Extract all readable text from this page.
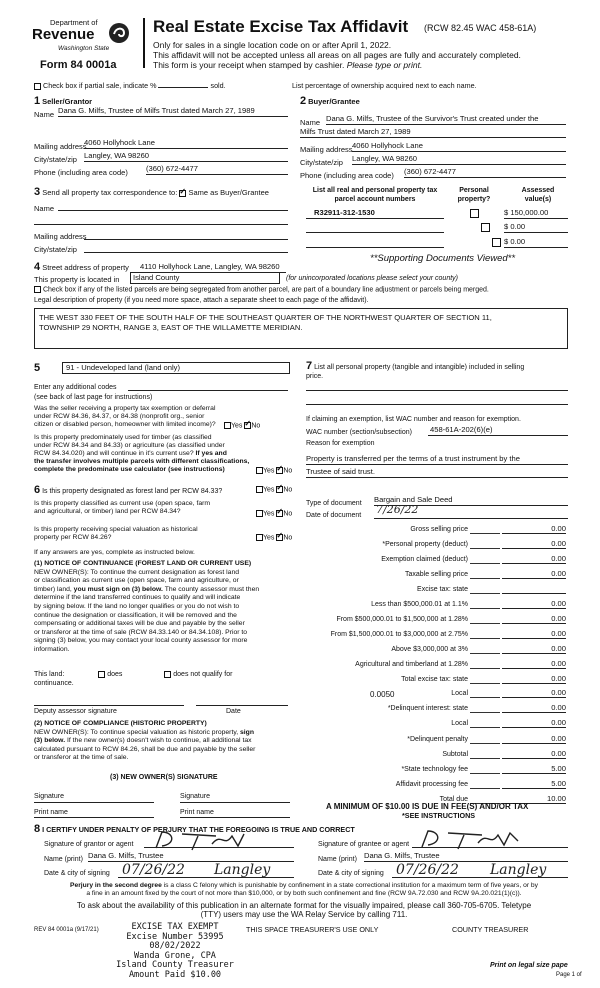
Department of
Revenue
Washington State
Form 84 0001a
Real Estate Excise Tax Affidavit (RCW 82.45 WAC 458-61A)
Only for sales in a single location code on or after April 1, 2022.
This affidavit will not be accepted unless all areas on all pages are fully and accurately completed.
This form is your receipt when stamped by cashier. Please type or print.
Check box if partial sale, indicate %	sold.	List percentage of ownership acquired next to each name.
1 Seller/Grantor
Name Dana G. Milfs, Trustee of Milfs Trust dated March 27, 1989
Mailing address
4060 Hollyhock Lane
City/state/zip Langley, WA 98260
Phone (including area code) (360) 672-4477
2 Buyer/Grantee
Name Dana G. Milfs, Trustee of the Survivor's Trust created under the
Milfs Trust dated March 27, 1989
Mailing address 4060 Hollyhock Lane
City/state/zip Langley, WA 98260
Phone (including area code) (360) 672-4477
3 Send all property tax correspondence to: ✓ Same as Buyer/Grantee
Name
Mailing address
City/state/zip
List all real and personal property tax
parcel account numbers
Personal
property?
Assessed
value(s)
R32911-312-1530
	$ 150,000.00

$ 0.00
$ 0.00
**Supporting Documents Viewed**
4 Street address of property 4110 Hollyhock Lane, Langley, WA 98260
This property is located in	Island County	(for unincorporated locations please select your county)
Check box if any of the listed parcels are being segregated from another parcel, are part of a boundary line adjustment or parcels being merged.
Legal description of property (if you need more space, attach a separate sheet to each page of the affidavit).
THE WEST 330 FEET OF THE SOUTH HALF OF THE SOUTHEAST QUARTER OF THE NORTHWEST QUARTER OF SECTION 11,
TOWNSHIP 29 NORTH, RANGE 3, EAST OF THE WILLAMETTE MERIDIAN.
5	91 - Undeveloped land (land only)
Enter any additional codes
(see back of last page for instructions)
Was the seller receiving a property tax exemption or deferral
under RCW 84.36, 84.37, or 84.38 (nonprofit org., senior
citizen or disabled person, homeowner with limited income)?	Yes ✓ No
Is this property predominately used for timber (as classified
under RCW 84.34 and 84.33) or agriculture (as classified under
RCW 84.34.020) and will continue in it's current use? If yes and
the transfer involves multiple parcels with different classifications,
complete the predominate use calculator (see instructions)	Yes ✓ No
6 Is this property designated as forest land per RCW 84.33?	Yes ✓ No
Is this property classified as current use (open space, farm
and agricultural, or timber) land per RCW 84.34?	Yes ✓ No
Is this property receiving special valuation as historical
property per RCW 84.26?	Yes ✓ No
If any answers are yes, complete as instructed below.
(1) NOTICE OF CONTINUANCE (FOREST LAND OR CURRENT USE)
NEW OWNER(S): To continue the current designation as forest land
or classification as current use (open space, farm and agriculture, or
timber) land, you must sign on (3) below. The county assessor must then
determine if the land transferred continues to qualify and will indicate
by signing below. If the land no longer qualifies or you do not wish to
continue the designation or classification, it will be removed and the
compensating or additional taxes will be due and payable by the seller
or transferor at the time of sale (RCW 84.33.140 or 84.34.108). Prior to
signing (3) below, you may contact your local county assessor for more
information.
This land:	does	does not qualify for
continuance.
Deputy assessor signature	Date
(2) NOTICE OF COMPLIANCE (HISTORIC PROPERTY)
NEW OWNER(S): To continue special valuation as historic property, sign
(3) below. If the new owner(s) doesn't wish to continue, all additional tax
calculated pursuant to RCW 84.26, shall be due and payable by the seller
or transferor at the time of sale.
(3) NEW OWNER(S) SIGNATURE
Signature	Signature
Print name	Print name
7 List all personal property (tangible and intangible) included in selling
price.
If claiming an exemption, list WAC number and reason for exemption.
WAC number (section/subsection) 458-61A-202(6)(e)
Reason for exemption
Property is transferred per the terms of a trust instrument by the
Trustee of said trust.
Type of document Bargain and Sale Deed
Date of document 7/26/22
Gross selling price	0.00
*Personal property (deduct)	0.00
Exemption claimed (deduct)	0.00
Taxable selling price	0.00
Excise tax: state
Less than $500,000.01 at 1.1%	0.00
From $500,000.01 to $1,500,000 at 1.28%	0.00
From $1,500,000.01 to $3,000,000 at 2.75%	0.00
Above $3,000,000 at 3%	0.00
Agricultural and timberland at 1.28%	0.00
Total excise tax: state	0.00
0.0050	Local	0.00
*Delinquent interest: state	0.00
Local	0.00
*Delinquent penalty	0.00
Subtotal	0.00
*State technology fee	5.00
Affidavit processing fee	5.00
Total due	10.00
A MINIMUM OF $10.00 IS DUE IN FEE(S) AND/OR TAX
*SEE INSTRUCTIONS
8 I CERTIFY UNDER PENALTY OF PERJURY THAT THE FOREGOING IS TRUE AND CORRECT
Signature of grantor or agent	Signature of grantee or agent
Name (print) Dana G. Milfs, Trustee	Name (print) Dana G. Milfs, Trustee
Date & city of signing 07/26/22 Langley	Date & city of signing 07/26/22 Langley
Perjury in the second degree is a class C felony which is punishable by confinement in a state correctional institution for a maximum term of five years, or by
a fine in an amount fixed by the court of not more than $10,000, or by both such confinement and fine (RCW 9A.72.030 and RCW 9A.20.021(1)(c)).
To ask about the availability of this publication in an alternate format for the visually impaired, please call 360-705-6705. Teletype
(TTY) users may use the WA Relay Service by calling 711.
REV 84 0001a (9/17/21)	EXCISE TAX EXEMPT
Excise Number 53995
08/02/2022
Wanda Grone, CPA
Island County Treasurer
Amount Paid $10.00
THIS SPACE TREASURER'S USE ONLY	COUNTY TREASURER
Print on legal size pape
Page 1 of
